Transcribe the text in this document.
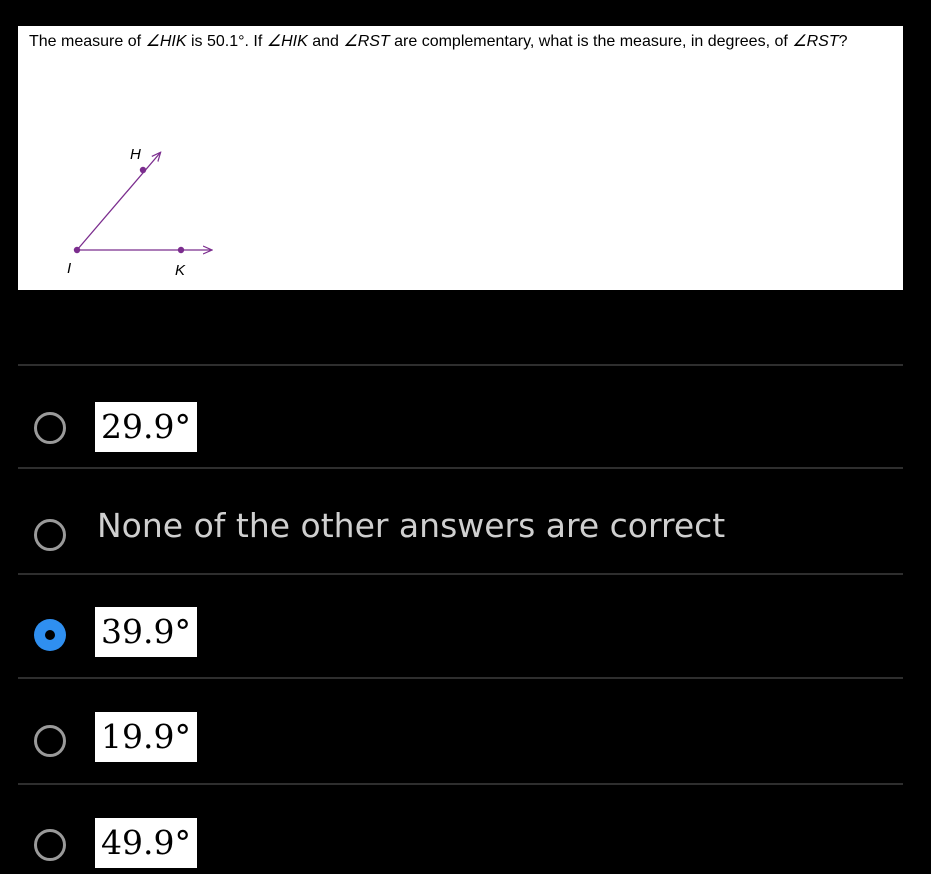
The measure of ∠HIK is 50.1°. If ∠HIK and ∠RST are complementary, what is the measure, in degrees, of ∠RST?
H
I	K
29.9°
None of the other answers are correct
39.9°
19.9°
49.9°
